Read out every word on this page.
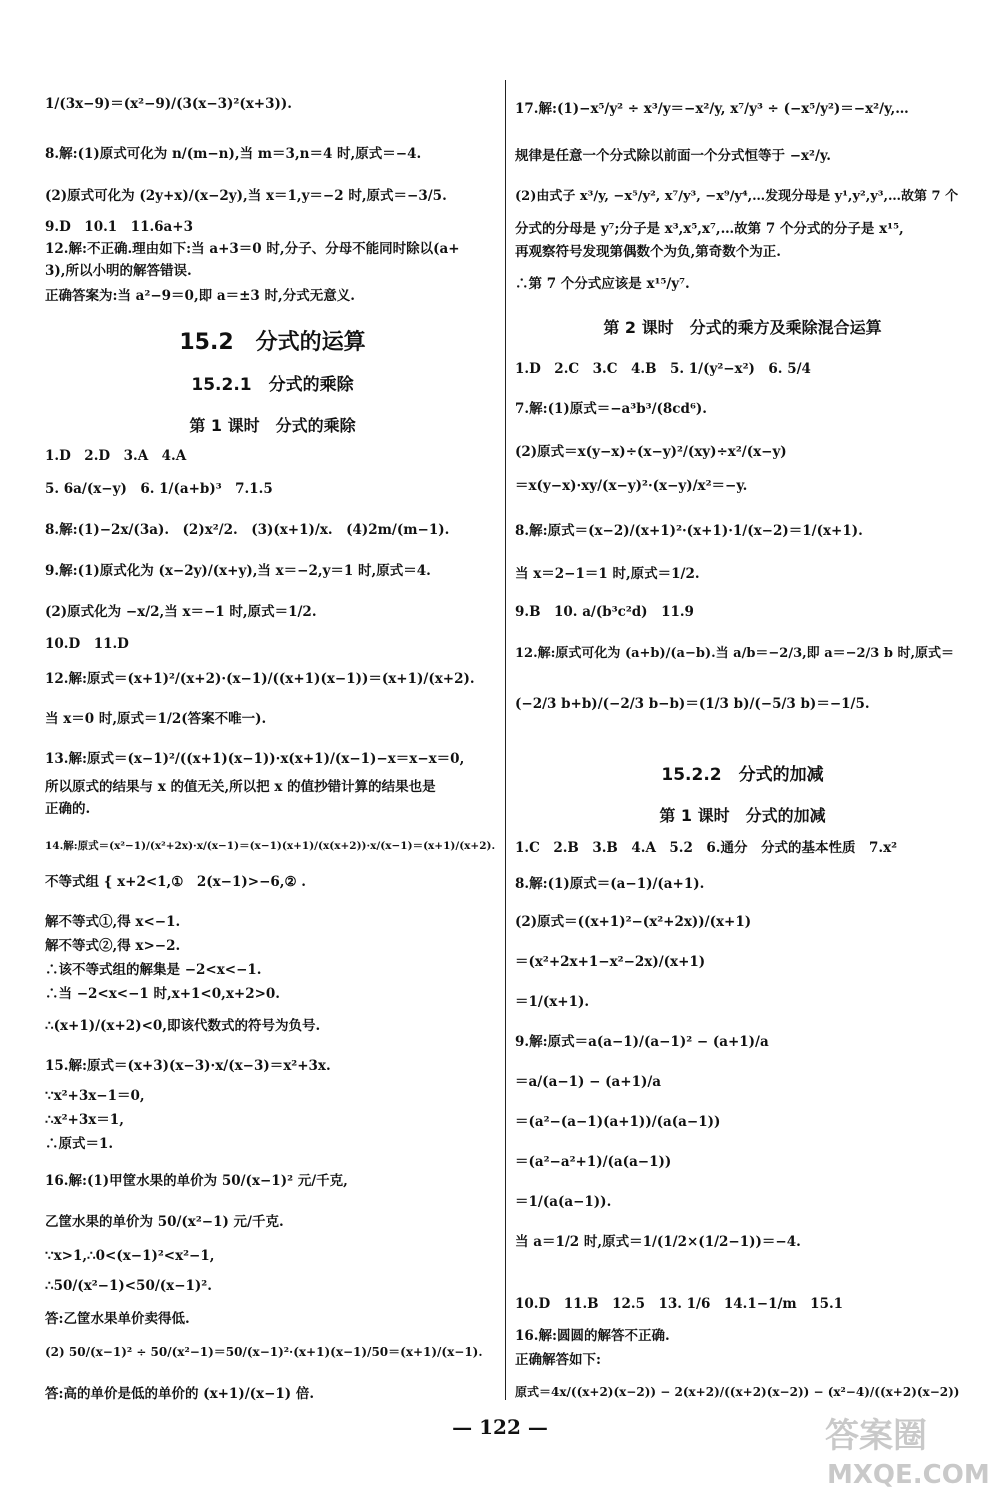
15.2　分式的运算
15.2.1　分式的乘除
第 1 课时　分式的乘除
1/(3x−9)＝(x²−9)/(3(x−3)²(x+3)).
8.解:(1)原式可化为 n/(m−n),当 m＝3,n＝4 时,原式＝−4.
(2)原式可化为 (2y+x)/(x−2y),当 x＝1,y＝−2 时,原式＝−3/5.
9.D　10.1　11.6a+3
12.解:不正确.理由如下:当 a+3＝0 时,分子、分母不能同时除以(a+
3),所以小明的解答错误.
正确答案为:当 a²−9＝0,即 a＝±3 时,分式无意义.
1.D　2.D　3.A　4.A
5. 6a/(x−y)　6. 1/(a+b)³　7.1.5
8.解:(1)−2x/(3a).　(2)x²/2.　(3)(x+1)/x.　(4)2m/(m−1).
9.解:(1)原式化为 (x−2y)/(x+y),当 x＝−2,y＝1 时,原式＝4.
(2)原式化为 −x/2,当 x＝−1 时,原式＝1/2.
10.D　11.D
12.解:原式＝(x+1)²/(x+2)·(x−1)/((x+1)(x−1))＝(x+1)/(x+2).
当 x＝0 时,原式＝1/2(答案不唯一).
13.解:原式＝(x−1)²/((x+1)(x−1))·x(x+1)/(x−1)−x＝x−x＝0,
所以原式的结果与 x 的值无关,所以把 x 的值抄错计算的结果也是
正确的.
14.解:原式＝(x²−1)/(x²+2x)·x/(x−1)＝(x−1)(x+1)/(x(x+2))·x/(x−1)＝(x+1)/(x+2).
不等式组 { x+2<1,①　2(x−1)>−6,② .
解不等式①,得 x<−1.
解不等式②,得 x>−2.
∴该不等式组的解集是 −2<x<−1.
∴当 −2<x<−1 时,x+1<0,x+2>0.
∴(x+1)/(x+2)<0,即该代数式的符号为负号.
15.解:原式＝(x+3)(x−3)·x/(x−3)＝x²+3x.
∵x²+3x−1＝0,
∴x²+3x＝1,
∴原式＝1.
16.解:(1)甲筐水果的单价为 50/(x−1)² 元/千克,
乙筐水果的单价为 50/(x²−1) 元/千克.
∵x>1,∴0<(x−1)²<x²−1,
∴50/(x²−1)<50/(x−1)².
答:乙筐水果单价卖得低.
(2) 50/(x−1)² ÷ 50/(x²−1)＝50/(x−1)²·(x+1)(x−1)/50＝(x+1)/(x−1).
答:高的单价是低的单价的 (x+1)/(x−1) 倍.
第 2 课时　分式的乘方及乘除混合运算
15.2.2　分式的加减
第 1 课时　分式的加减
17.解:(1)−x⁵/y² ÷ x³/y＝−x²/y, x⁷/y³ ÷ (−x⁵/y²)＝−x²/y,…
规律是任意一个分式除以前面一个分式恒等于 −x²/y.
(2)由式子 x³/y, −x⁵/y², x⁷/y³, −x⁹/y⁴,…发现分母是 y¹,y²,y³,…故第 7 个
分式的分母是 y⁷;分子是 x³,x⁵,x⁷,…故第 7 个分式的分子是 x¹⁵,
再观察符号发现第偶数个为负,第奇数个为正.
∴第 7 个分式应该是 x¹⁵/y⁷.
1.D　2.C　3.C　4.B　5. 1/(y²−x²)　6. 5/4
7.解:(1)原式＝−a³b³/(8cd⁶).
(2)原式＝x(y−x)÷(x−y)²/(xy)÷x²/(x−y)
＝x(y−x)·xy/(x−y)²·(x−y)/x²＝−y.
8.解:原式＝(x−2)/(x+1)²·(x+1)·1/(x−2)＝1/(x+1).
当 x＝2−1＝1 时,原式＝1/2.
9.B　10. a/(b³c²d)　11.9
12.解:原式可化为 (a+b)/(a−b).当 a/b＝−2/3,即 a＝−2/3 b 时,原式＝
(−2/3 b+b)/(−2/3 b−b)＝(1/3 b)/(−5/3 b)＝−1/5.
1.C　2.B　3.B　4.A　5.2　6.通分　分式的基本性质　7.x²
8.解:(1)原式＝(a−1)/(a+1).
(2)原式＝((x+1)²−(x²+2x))/(x+1)
＝(x²+2x+1−x²−2x)/(x+1)
＝1/(x+1).
9.解:原式＝a(a−1)/(a−1)² − (a+1)/a
＝a/(a−1) − (a+1)/a
＝(a²−(a−1)(a+1))/(a(a−1))
＝(a²−a²+1)/(a(a−1))
＝1/(a(a−1)).
当 a＝1/2 时,原式＝1/(1/2×(1/2−1))＝−4.
10.D　11.B　12.5　13. 1/6　14.1−1/m　15.1
16.解:圆圆的解答不正确.
正确解答如下:
原式＝4x/((x+2)(x−2)) − 2(x+2)/((x+2)(x−2)) − (x²−4)/((x+2)(x−2))
— 122 —	答案圈
MXQE.COM
